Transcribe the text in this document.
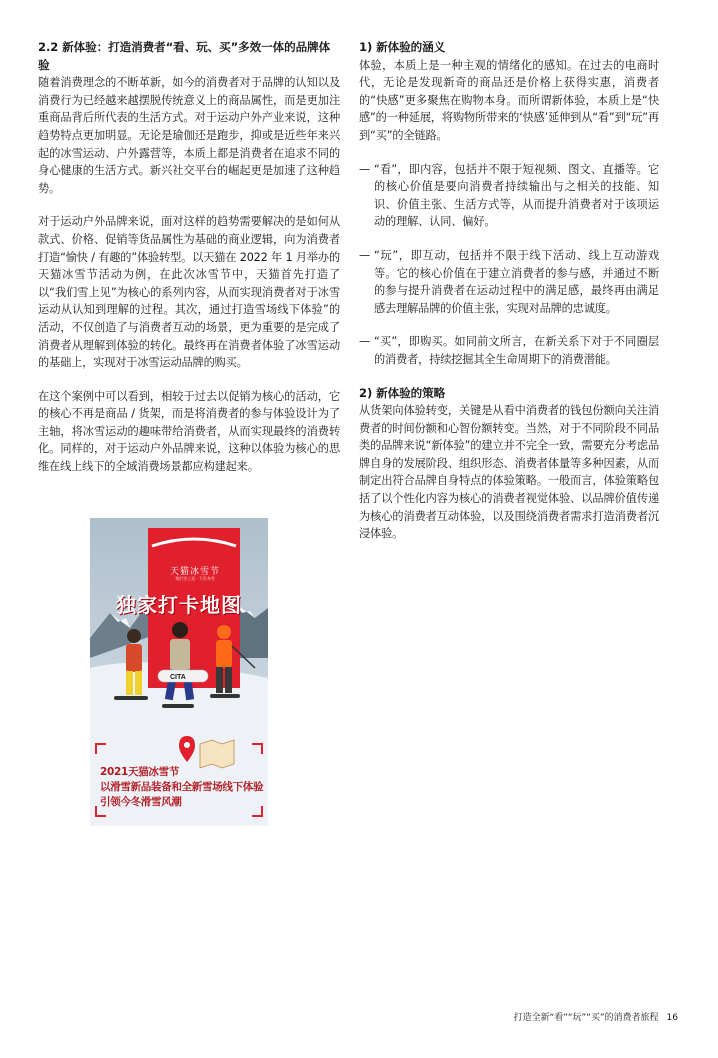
2.2 新体验：打造消费者“看、玩、买”多效一体的品牌体验

随着消费理念的不断革新，如今的消费者对于品牌的认知以及消费行为已经越来越摆脱传统意义上的商品属性，而是更加注重商品背后所代表的生活方式。对于运动户外产业来说，这种趋势特点更加明显。无论是瑜伽还是跑步，抑或是近些年来兴起的冰雪运动、户外露营等，本质上都是消费者在追求不同的身心健康的生活方式。新兴社交平台的崛起更是加速了这种趋势。

对于运动户外品牌来说，面对这样的趋势需要解决的是如何从款式、价格、促销等货品属性为基础的商业逻辑，向为消费者打造“愉快 / 有趣的”体验转型。以天猫在 2022 年 1 月举办的天猫冰雪节活动为例，在此次冰雪节中，天猫首先打造了以“我们雪上见”为核心的系列内容，从而实现消费者对于冰雪运动从认知到理解的过程。其次，通过打造雪场线下体验”的活动，不仅创造了与消费者互动的场景，更为重要的是完成了消费者从理解到体验的转化。最终再在消费者体验了冰雪运动的基础上，实现对于冰雪运动品牌的购买。

在这个案例中可以看到，相较于过去以促销为核心的活动，它的核心不再是商品 / 货架，而是将消费者的参与体验设计为了主轴，将冰雪运动的趣味带给消费者，从而实现最终的消费转化。同样的，对于运动户外品牌来说，这种以体验为核心的思维在线上线下的全域消费场景都应构建起来。

1) 新体验的涵义

体验，本质上是一种主观的情绪化的感知。在过去的电商时代，无论是发现新奇的商品还是价格上获得实惠，消费者的“快感”更多聚焦在购物本身。而所谓新体验，本质上是“快感”的一种延展，将购物所带来的‘快感’延伸到从“看”到“玩”再到“买”的全链路。

— “看”，即内容，包括并不限于短视频、图文、直播等。它的核心价值是要向消费者持续输出与之相关的技能、知识、价值主张、生活方式等，从而提升消费者对于该项运动的理解、认同、偏好。
— “玩”，即互动，包括并不限于线下活动、线上互动游戏等。它的核心价值在于建立消费者的参与感，并通过不断的参与提升消费者在运动过程中的满足感，最终再由满足感去理解品牌的价值主张，实现对品牌的忠诚度。
— “买”，即购买。如同前文所言，在新关系下对于不同圈层的消费者，持续挖掘其全生命周期下的消费潜能。

2) 新体验的策略

从货架向体验转变，关键是从看中消费者的钱包份额向关注消费者的时间份额和心智份额转变。当然，对于不同阶段不同品类的品牌来说“新体验”的建立并不完全一致，需要充分考虑品牌自身的发展阶段、组织形态、消费者体量等多种因素，从而制定出符合品牌自身特点的体验策略。一般而言，体验策略包括了以个性化内容为核心的消费者视觉体验、以品牌价值传递为核心的消费者互动体验，以及围绕消费者需求打造消费者沉浸体验。

CITA
天猫冰雪节
我们雪上见 · 不负冬雪
独家打卡地图
2021天猫冰雪节
以滑雪新品装备和全新雪场线下体验
引领今冬滑雪风潮
打造全新“看”“玩”“买”的消费者旅程 16
